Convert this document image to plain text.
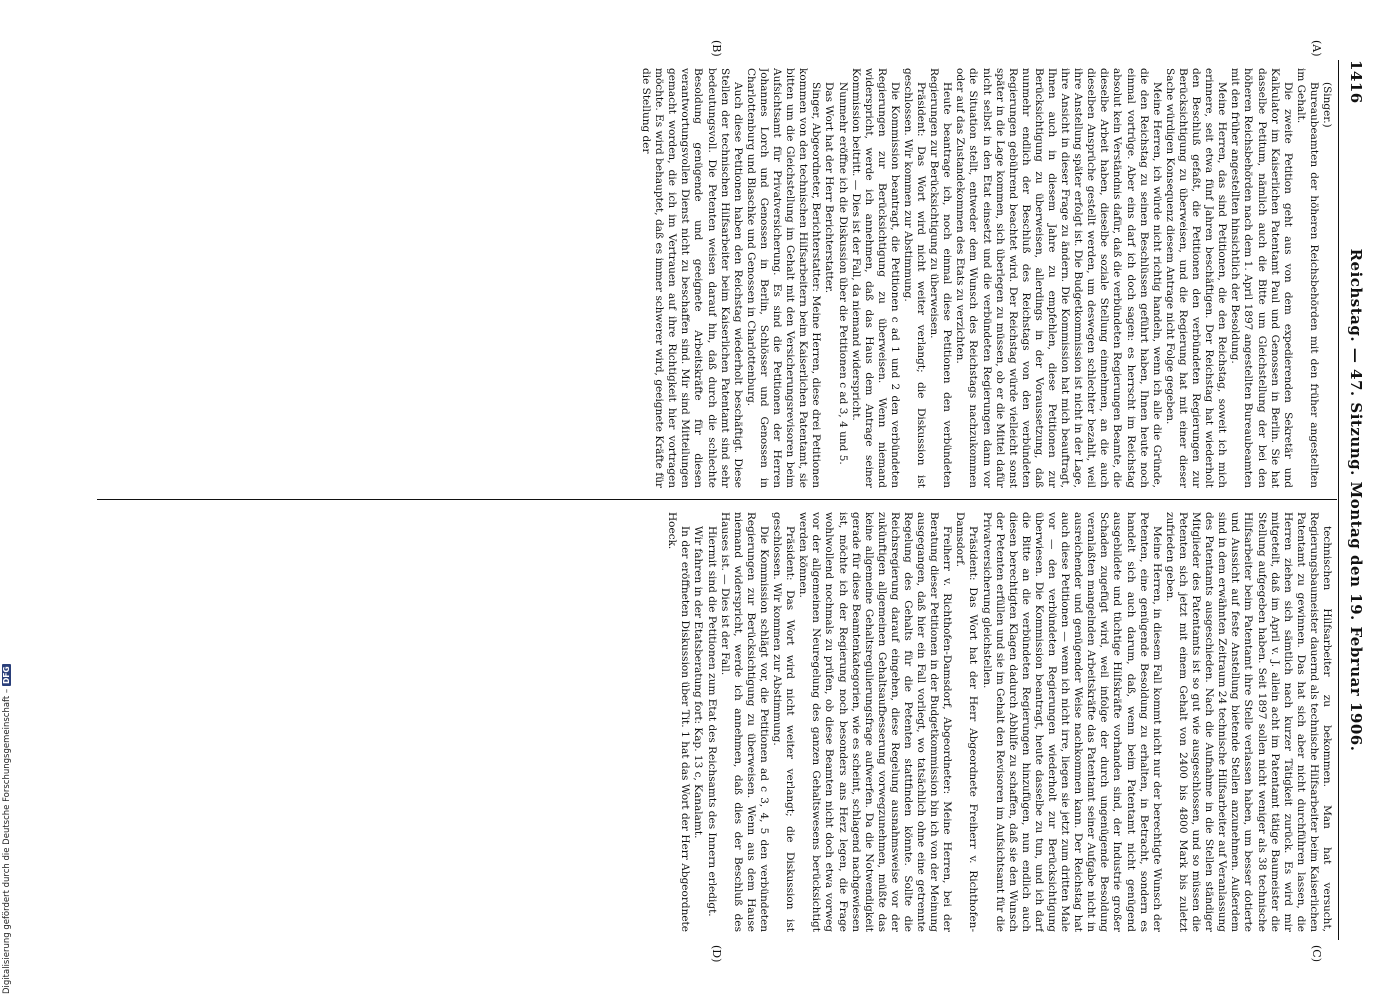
1416
Reichstag. — 47. Sitzung. Montag den 19. Februar 1906.
(A)
(B)
(C)
(D)

(Singer.)

Bureaubeamten der höheren Reichsbehörden mit den früher angestellten im Gehalt.

Die zweite Petition geht aus von dem expedierenden Sekretär und Kalkulator im Kaiserlichen Patentamt Paul und Genossen in Berlin. Sie hat dasselbe Petitum, nämlich auch die Bitte um Gleichstellung der bei den höheren Reichsbehörden nach dem 1. April 1897 angestellten Bureaubeamten mit den früher angestellten hinsichtlich der Besoldung.

Meine Herren, das sind Petitionen, die den Reichstag, soweit ich mich erinnere, seit etwa fünf Jahren beschäftigen. Der Reichstag hat wiederholt den Beschluß gefaßt, die Petitionen den verbündeten Regierungen zur Berücksichtigung zu überweisen, und die Regierung hat mit einer dieser Sache würdigen Konsequenz diesem Antrage nicht Folge gegeben.

Meine Herren, ich würde nicht richtig handeln, wenn ich alle die Gründe, die den Reichstag zu seinen Beschlüssen geführt haben, Ihnen heute noch einmal vortrüge. Aber eins darf ich doch sagen: es herrscht im Reichstag absolut kein Verständnis dafür, daß die verbündeten Regierungen Beamte, die dieselbe Arbeit haben, dieselbe soziale Stellung einnehmen, an die auch dieselben Ansprüche gestellt werden, um deswegen schlechter bezahlt, weil ihre Anstellung später erfolgt ist. Die Budgetkommission ist nicht in der Lage, ihre Ansicht in dieser Frage zu ändern. Die Kommission hat mich beauftragt, Ihnen auch in diesem Jahre zu empfehlen, diese Petitionen zur Berücksichtigung zu überweisen, allerdings in der Voraussetzung, daß nunmehr endlich der Beschluß des Reichstags von den verbündeten Regierungen gebührend beachtet wird. Der Reichstag würde vielleicht sonst später in die Lage kommen, sich überlegen zu müssen, ob er die Mittel dafür nicht selbst in den Etat einsetzt und die verbündeten Regierungen dann vor die Situation stellt, entweder dem Wunsch des Reichstags nachzukommen oder auf das Zustandekommen des Etats zu verzichten.

Heute beantrage ich, noch einmal diese Petitionen den verbündeten Regierungen zur Berücksichtigung zu überweisen.

Präsident: Das Wort wird nicht weiter verlangt; die Diskussion ist geschlossen. Wir kommen zur Abstimmung.

Die Kommission beantragt, die Petitionen c ad 1 und 2 den verbündeten Regierungen zur Berücksichtigung zu überweisen. Wenn niemand widerspricht, werde ich annehmen, daß das Haus dem Antrage seiner Kommission beitritt. — Dies ist der Fall, da niemand widerspricht.

Nunmehr eröffne ich die Diskussion über die Petitionen c ad 3, 4 und 5.

Das Wort hat der Herr Berichterstatter.

Singer, Abgeordneter, Berichterstatter: Meine Herren, diese drei Petitionen kommen von den technischen Hilfsarbeitern beim Kaiserlichen Patentamt, sie bitten um die Gleichstellung im Gehalt mit den Versicherungsrevisoren beim Aufsichtsamt für Privatversicherung. Es sind die Petitionen der Herren Johannes Lorch und Genossen in Berlin, Schlösser und Genossen in Charlottenburg und Blaschke und Genossen in Charlottenburg.

Auch diese Petitionen haben den Reichstag wiederholt beschäftigt. Diese Stellen der technischen Hilfsarbeiter beim Kaiserlichen Patentamt sind sehr bedeutungsvoll. Die Petenten weisen darauf hin, daß durch die schlechte Besoldung genügende und geeignete Arbeitskräfte für diesen verantwortungsvollen Dienst nicht zu beschaffen sind. Mir sind Mitteilungen gemacht worden, die ich im Vertrauen auf ihre Richtigkeit hier vortragen möchte. Es wird behauptet, daß es immer schwerer wird, geeignete Kräfte für die Stellung der

technischen Hilfsarbeiter zu bekommen. Man hat versucht, Regierungsbaumeister dauernd als technische Hilfsarbeiter beim Kaiserlichen Patentamt zu gewinnen. Das hat sich aber nicht durchführen lassen, die Herren ziehen sich sämtlich nach kurzer Tätigkeit zurück. Es wird mir mitgeteilt, daß im April v. J. allein acht im Patentamt tätige Baumeister die Stellung aufgegeben haben. Seit 1897 sollen nicht weniger als 38 technische Hilfsarbeiter beim Patentamt ihre Stelle verlassen haben, um besser dotierte und Aussicht auf feste Anstellung bietende Stellen anzunehmen. Außerdem sind in dem erwähnten Zeitraum 24 technische Hilfsarbeiter auf Veranlassung des Patentamts ausgeschieden. Nach die Aufnahme in die Stellen ständiger Mitglieder des Patentamts ist so gut wie ausgeschlossen, und so müssen die Petenten sich jetzt mit einem Gehalt von 2400 bis 4800 Mark bis zuletzt zufrieden geben.

Meine Herren, in diesem Fall kommt nicht nur der berechtigte Wunsch der Petenten, eine genügende Besoldung zu erhalten, in Betracht, sondern es handelt sich auch darum, daß, wenn beim Patentamt nicht genügend ausgebildete und tüchtige Hilfskräfte vorhanden sind, der Industrie großer Schaden zugefügt wird, weil infolge der durch ungenügende Besoldung veranlaßten mangelnden Arbeitskräfte das Patentamt seiner Aufgabe nicht in ausreichender und genügender Weise nachkommen kann. Der Reichstag hat auch diese Petitionen — wenn ich nicht irre, liegen sie jetzt zum dritten Male vor — den verbündeten Regierungen wiederholt zur Berücksichtigung überwiesen. Die Kommission beantragt, heute dasselbe zu tun, und ich darf die Bitte an die verbündeten Regierungen hinzufügen, nun endlich auch diesen berechtigten Klagen dadurch Abhilfe zu schaffen, daß sie den Wunsch der Petenten erfüllen und sie im Gehalt den Revisoren im Aufsichtsamt für die Privatversicherung gleichstellen.

Präsident: Das Wort hat der Herr Abgeordnete Freiherr v. Richthofen-Damsdorf.

Freiherr v. Richthofen-Damsdorf, Abgeordneter: Meine Herren, bei der Beratung dieser Petitionen in der Budgetkommission bin ich von der Meinung ausgegangen, daß hier ein Fall vorliegt, wo tatsächlich ohne eine getrennte Regelung des Gehalts für die Petenten stattfinden könnte. Sollte die Reichsregierung darauf eingehen, diese Regelung ausnahmsweise vor der zukünftigen allgemeinen Gehaltsaufbesserung vorwegzunehmen, müßte das keine allgemeine Gehaltsregulierungsfrage aufwerfen. Da die Notwendigkeit gerade für diese Beamtenkategorien, wie es scheint, schlagend nachgewiesen ist, möchte ich der Regierung noch besonders ans Herz legen, die Frage wohlwollend nochmals zu prüfen, ob diese Beamten nicht doch etwa vorweg vor der allgemeinen Neuregelung des ganzen Gehaltswesens berücksichtigt werden können.

Präsident: Das Wort wird nicht weiter verlangt; die Diskussion ist geschlossen. Wir kommen zur Abstimmung.

Die Kommission schlägt vor, die Petitionen ad c 3, 4, 5 den verbündeten Regierungen zur Berücksichtigung zu überweisen. Wenn aus dem Hause niemand widerspricht, werde ich annehmen, daß dies der Beschluß des Hauses ist. — Dies ist der Fall.

Hiermit sind die Petitionen zum Etat des Reichsamts des Innern erledigt.

Wir fahren in der Etatsberatung fort: Kap. 13 c, Kanalamt.

In der eröffneten Diskussion über Tit. 1 hat das Wort der Herr Abgeordnete Hoeck.

Digitalisierung gefördert durch die Deutsche Forschungsgemeinschaft –DFG
